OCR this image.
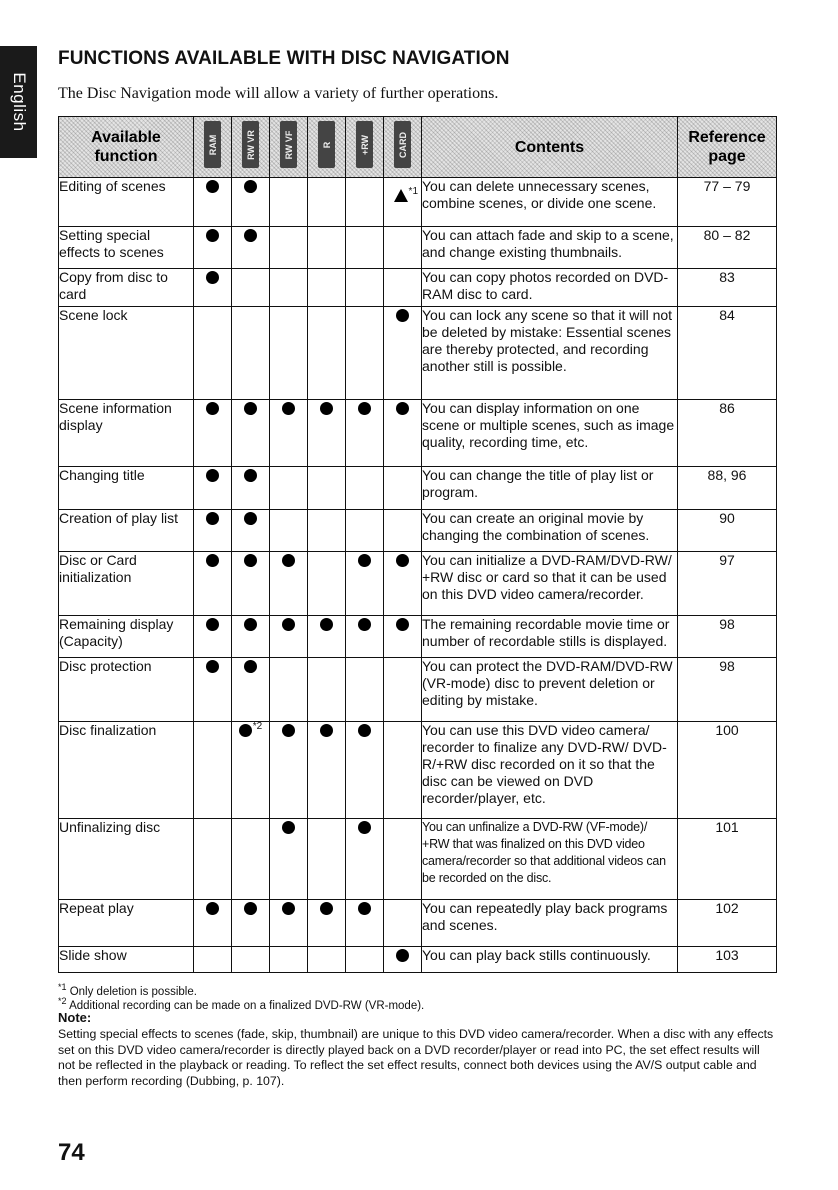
English
FUNCTIONS AVAILABLE WITH DISC NAVIGATION

The Disc Navigation mode will allow a variety of further operations.

Available function	RAM	RW VR	RW VF	R	+RW	CARD	Contents	Reference page
Editing of scenes						$^{*1}$	You can delete unnecessary scenes, combine scenes, or divide one scene.	77 – 79
Setting special effects to scenes							You can attach fade and skip to a scene, and change existing thumbnails.	80 – 82
Copy from disc to card							You can copy photos recorded on DVD-RAM disc to card.	83
Scene lock							You can lock any scene so that it will not be deleted by mistake: Essential scenes are thereby protected, and recording another still is possible.	84
Scene information display							You can display information on one scene or multiple scenes, such as image quality, recording time, etc.	86
Changing title							You can change the title of play list or program.	88, 96
Creation of play list							You can create an original movie by changing the combination of scenes.	90
Disc or Card initialization							You can initialize a DVD-RAM/DVD-RW/ +RW disc or card so that it can be used on this DVD video camera/recorder.	97
Remaining display (Capacity)							The remaining recordable movie time or number of recordable stills is displayed.	98
Disc protection							You can protect the DVD-RAM/DVD-RW (VR-mode) disc to prevent deletion or editing by mistake.	98
Disc finalization		$^{*2}$					You can use this DVD video camera/ recorder to finalize any DVD-RW/ DVD-R/+RW disc recorded on it so that the disc can be viewed on DVD recorder/player, etc.	100
Unfinalizing disc							You can unfinalize a DVD-RW (VF-mode)/ +RW that was finalized on this DVD video camera/recorder so that additional videos can be recorded on the disc.	101
Repeat play							You can repeatedly play back programs and scenes.	102
Slide show							You can play back stills continuously.	103

$^{*1}$ Only deletion is possible.

$^{*2}$ Additional recording can be made on a finalized DVD-RW (VR-mode).

Note:

Setting special effects to scenes (fade, skip, thumbnail) are unique to this DVD video camera/recorder. When a disc with any effects set on this DVD video camera/recorder is directly played back on a DVD recorder/player or read into PC, the set effect results will not be reflected in the playback or reading. To reflect the set effect results, connect both devices using the AV/S output cable and then perform recording (Dubbing, p. 107).

74
